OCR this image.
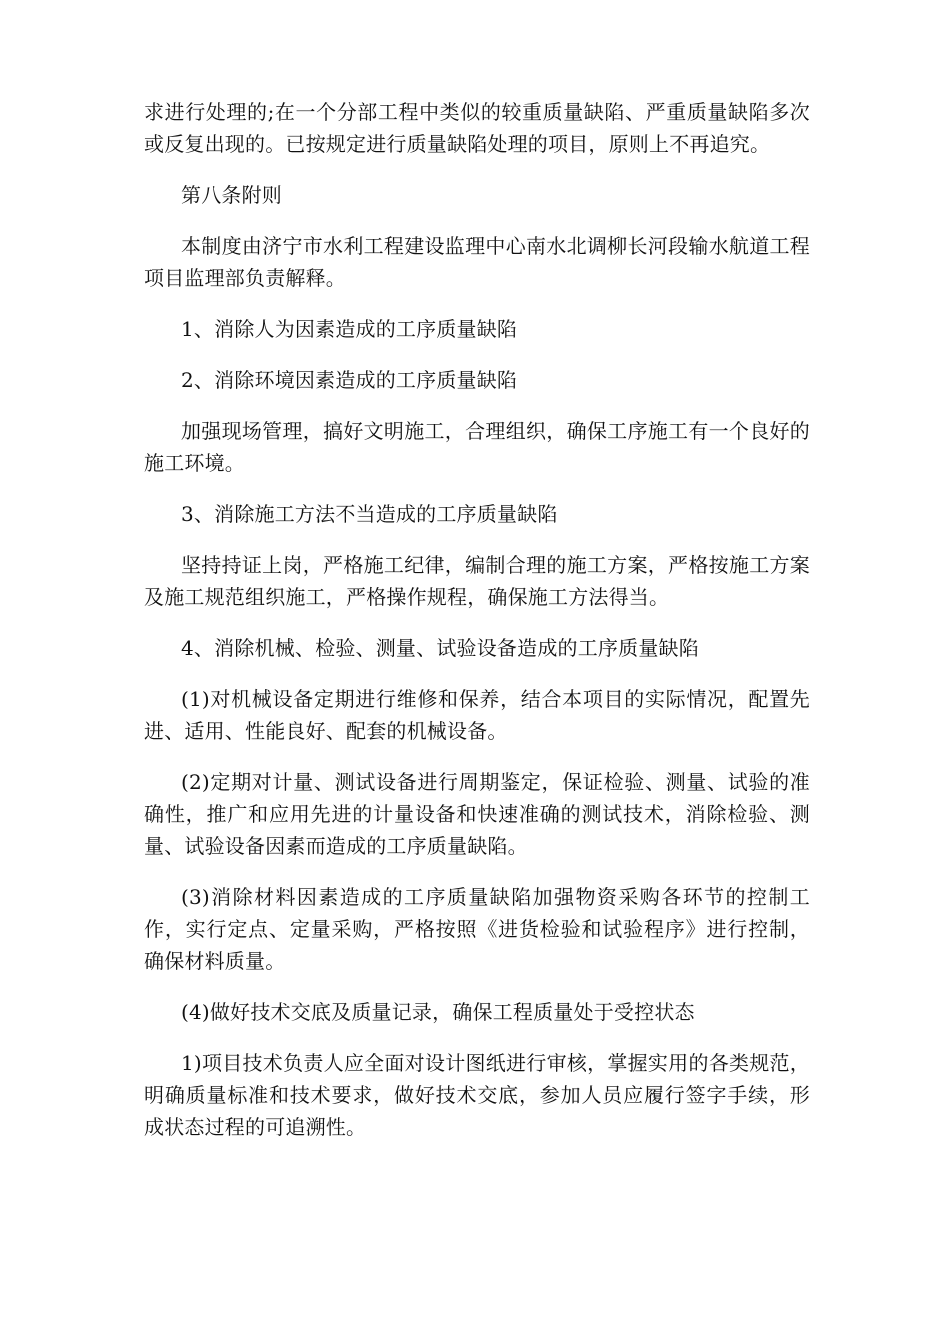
求进行处理的;在一个分部工程中类似的较重质量缺陷、严重质量缺陷多次或反复出现的。已按规定进行质量缺陷处理的项目，原则上不再追究。

第八条附则

本制度由济宁市水利工程建设监理中心南水北调柳长河段输水航道工程项目监理部负责解释。

1、消除人为因素造成的工序质量缺陷

2、消除环境因素造成的工序质量缺陷

加强现场管理，搞好文明施工，合理组织，确保工序施工有一个良好的施工环境。

3、消除施工方法不当造成的工序质量缺陷

坚持持证上岗，严格施工纪律，编制合理的施工方案，严格按施工方案及施工规范组织施工，严格操作规程，确保施工方法得当。

4、消除机械、检验、测量、试验设备造成的工序质量缺陷

(1)对机械设备定期进行维修和保养，结合本项目的实际情况，配置先进、适用、性能良好、配套的机械设备。

(2)定期对计量、测试设备进行周期鉴定，保证检验、测量、试验的准确性，推广和应用先进的计量设备和快速准确的测试技术，消除检验、测量、试验设备因素而造成的工序质量缺陷。

(3)消除材料因素造成的工序质量缺陷加强物资采购各环节的控制工作，实行定点、定量采购，严格按照《进货检验和试验程序》进行控制，确保材料质量。

(4)做好技术交底及质量记录，确保工程质量处于受控状态

1)项目技术负责人应全面对设计图纸进行审核，掌握实用的各类规范，明确质量标准和技术要求，做好技术交底，参加人员应履行签字手续，形成状态过程的可追溯性。
